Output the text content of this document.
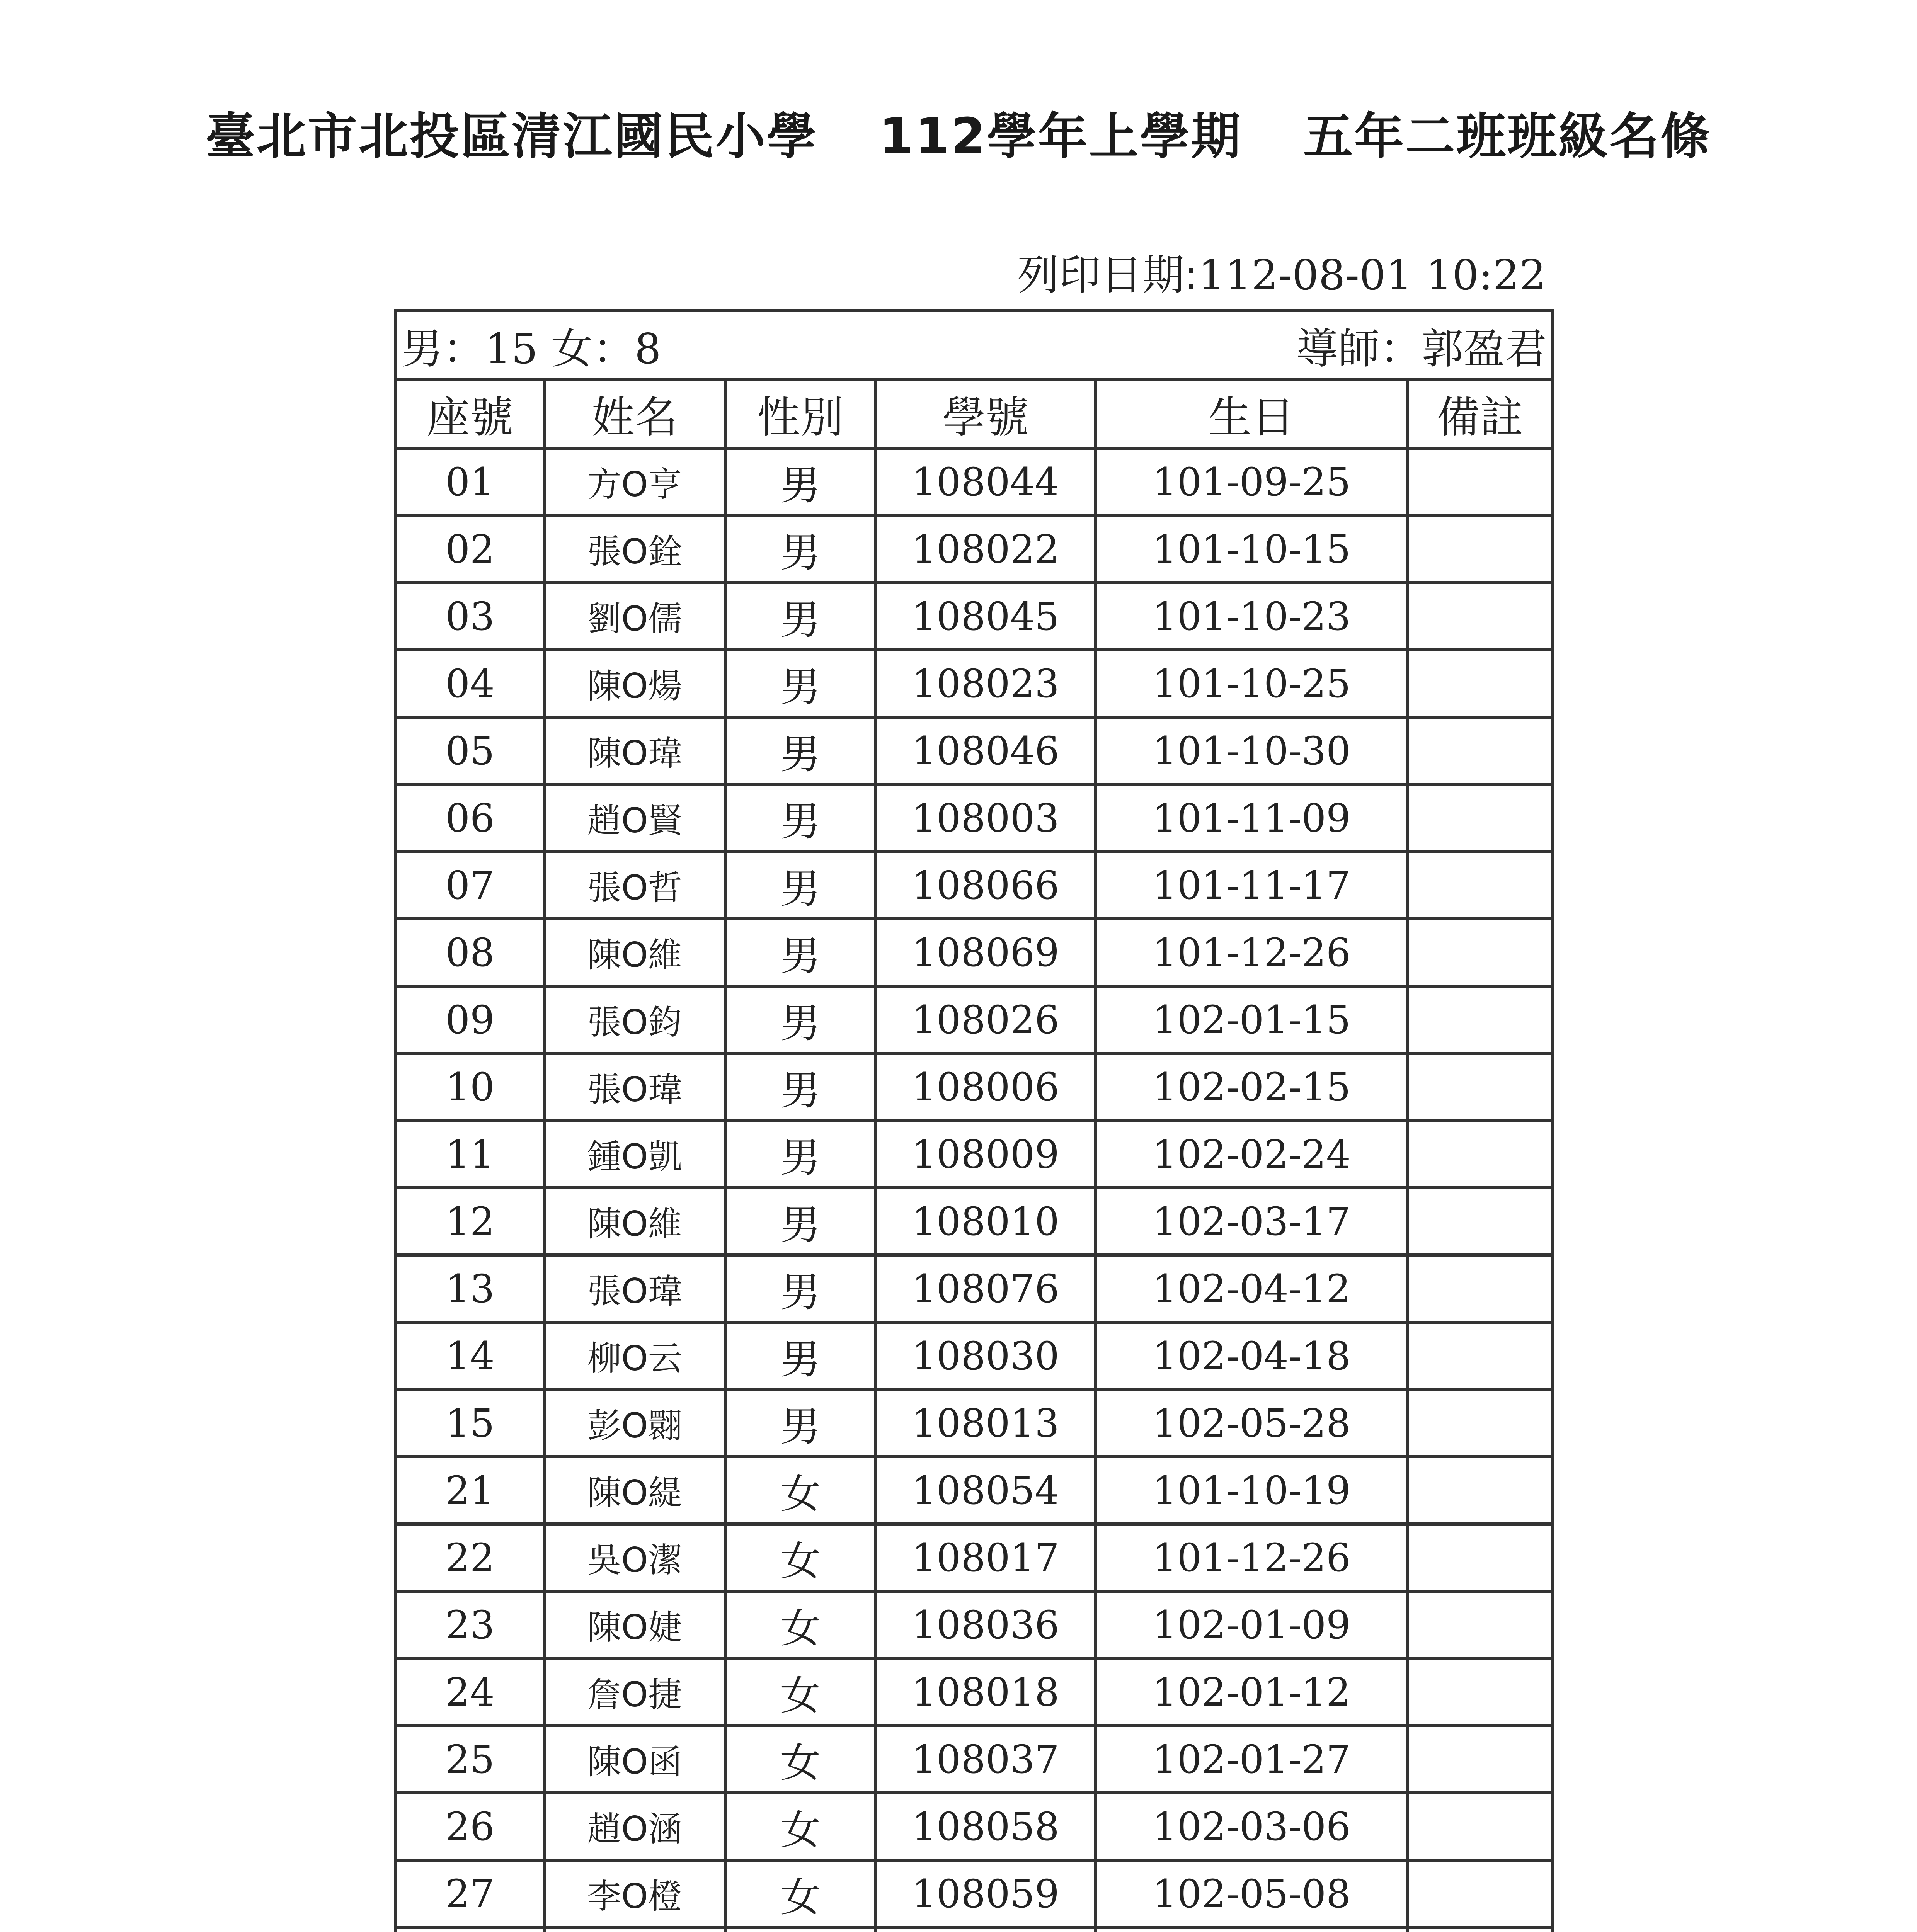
臺北市北投區清江國民小學 112學年上學期 五年二班班級名條
列印日期:112-08-01 10:22
男：15 女：8			導師：郭盈君		
座號	姓名	性別	學號	生日	備註
01	方O亨	男	108044	101-09-25	
02	張O銓	男	108022	101-10-15	
03	劉O儒	男	108045	101-10-23	
04	陳O煬	男	108023	101-10-25	
05	陳O瑋	男	108046	101-10-30	
06	趙O賢	男	108003	101-11-09	
07	張O哲	男	108066	101-11-17	
08	陳O維	男	108069	101-12-26	
09	張O鈞	男	108026	102-01-15	
10	張O瑋	男	108006	102-02-15	
11	鍾O凱	男	108009	102-02-24	
12	陳O維	男	108010	102-03-17	
13	張O瑋	男	108076	102-04-12	
14	柳O云	男	108030	102-04-18	
15	彭O翾	男	108013	102-05-28	
21	陳O緹	女	108054	101-10-19	
22	吳O潔	女	108017	101-12-26	
23	陳O婕	女	108036	102-01-09	
24	詹O捷	女	108018	102-01-12	
25	陳O函	女	108037	102-01-27	
26	趙O涵	女	108058	102-03-06	
27	李O橙	女	108059	102-05-08	
